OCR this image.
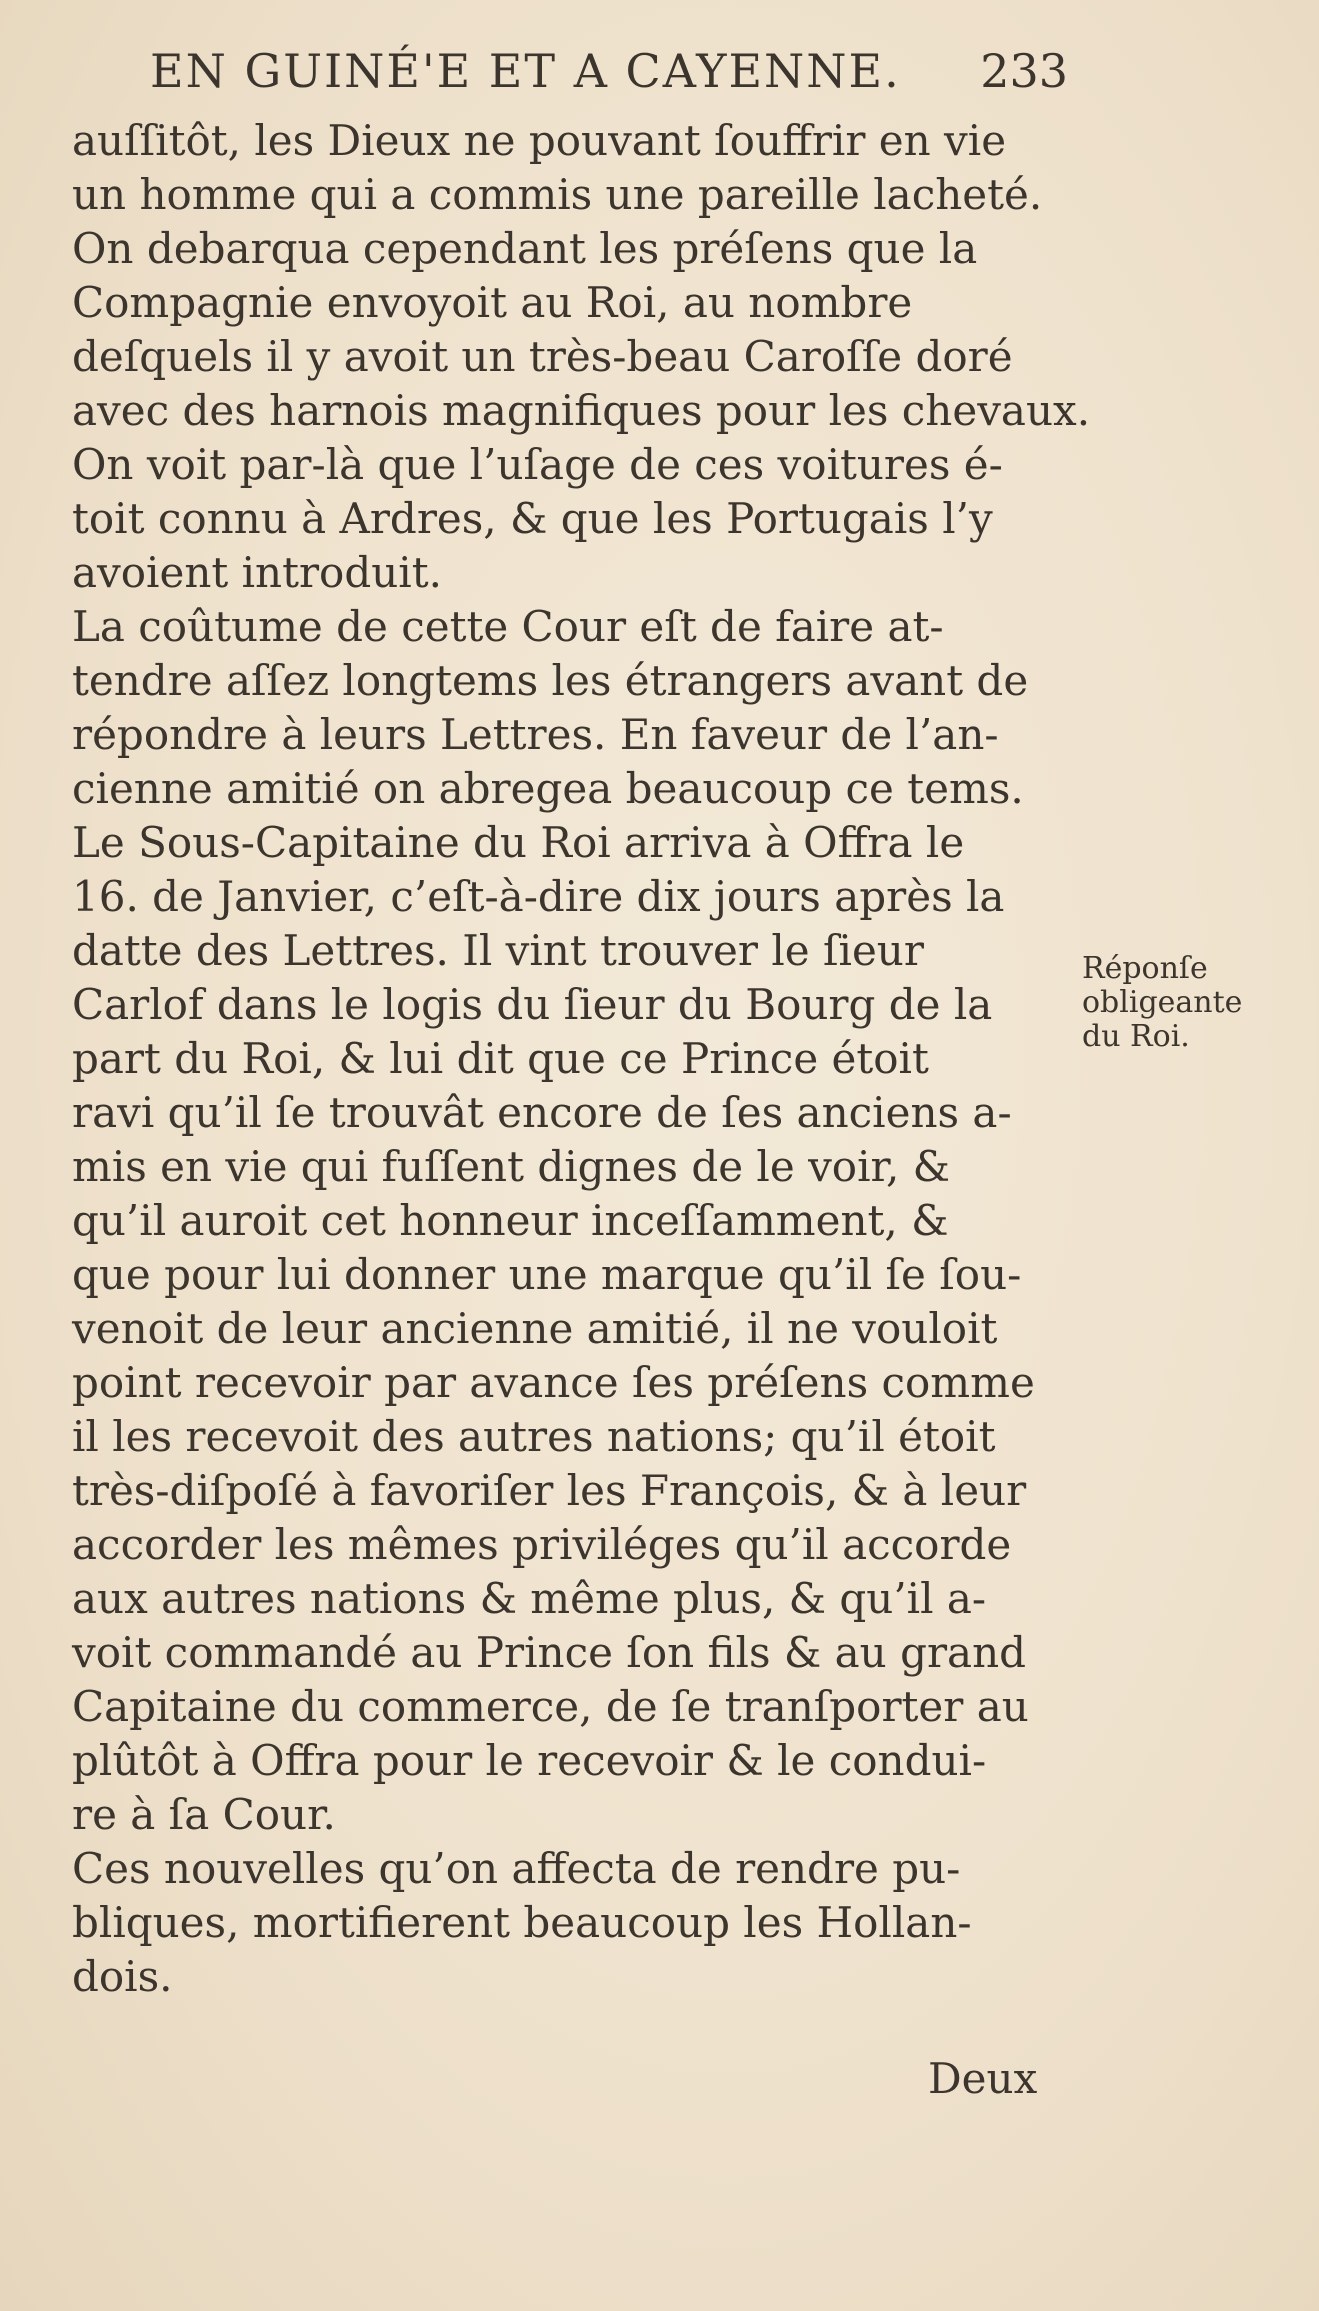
EN GUINÉ'E ET A CAYENNE. 233
auſſitôt, les Dieux ne pouvant ſouffrir en vie
un homme qui a commis une pareille lacheté.
On debarqua cependant les préſens que la
Compagnie envoyoit au Roi, au nombre
deſquels il y avoit un très-beau Caroſſe doré
avec des harnois magnifiques pour les chevaux.
On voit par-là que l’uſage de ces voitures é-
toit connu à Ardres, & que les Portugais l’y
avoient introduit.
La coûtume de cette Cour eſt de faire at-
tendre aſſez longtems les étrangers avant de
répondre à leurs Lettres. En faveur de l’an-
cienne amitié on abregea beaucoup ce tems.
Le Sous-Capitaine du Roi arriva à Offra le
16. de Janvier, c’eſt-à-dire dix jours après la
datte des Lettres. Il vint trouver le ſieur
Carlof dans le logis du ſieur du Bourg de la
part du Roi, & lui dit que ce Prince étoit
ravi qu’il ſe trouvât encore de ſes anciens a-
mis en vie qui fuſſent dignes de le voir, &
qu’il auroit cet honneur inceſſamment, &
que pour lui donner une marque qu’il ſe ſou-
venoit de leur ancienne amitié, il ne vouloit
point recevoir par avance ſes préſens comme
il les recevoit des autres nations; qu’il étoit
très-diſpoſé à favoriſer les François, & à leur
accorder les mêmes priviléges qu’il accorde
aux autres nations & même plus, & qu’il a-
voit commandé au Prince ſon fils & au grand
Capitaine du commerce, de ſe tranſporter au
plûtôt à Offra pour le recevoir & le condui-
re à ſa Cour.
Ces nouvelles qu’on affecta de rendre pu-
bliques, mortifierent beaucoup les Hollan-
dois.
Réponſe
obligeante
du Roi.
Deux
